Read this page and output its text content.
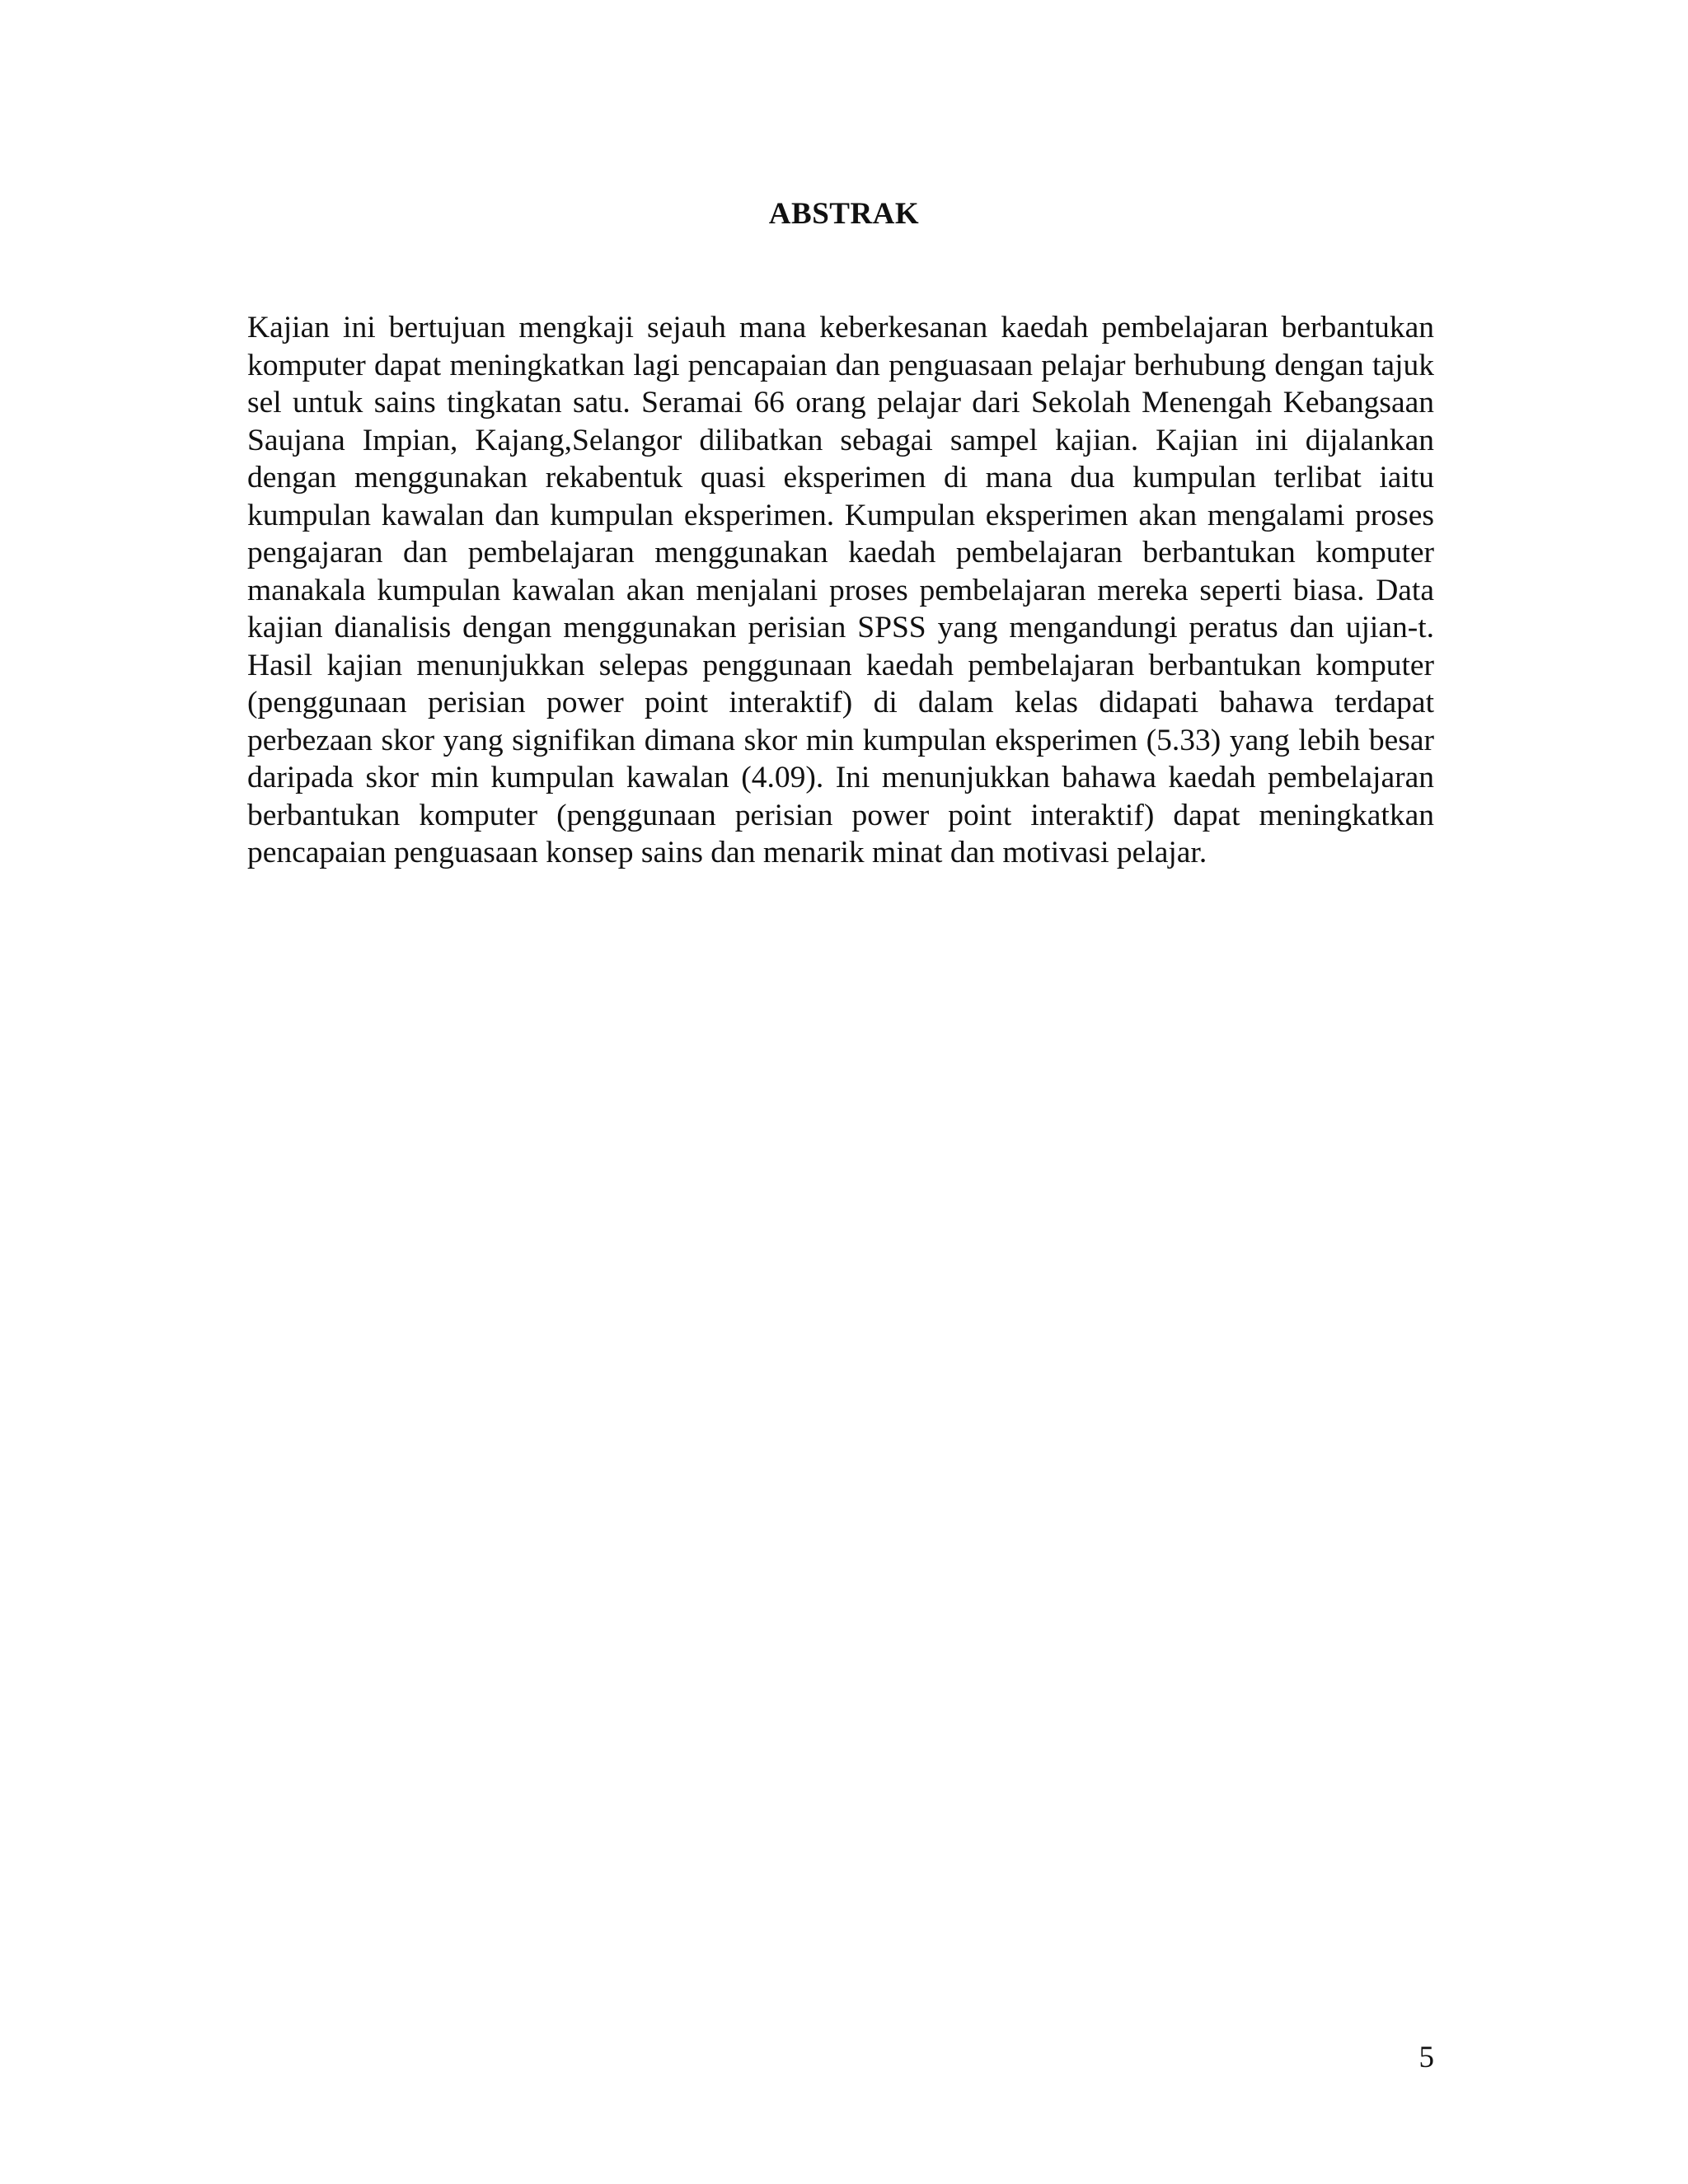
ABSTRAK

Kajian ini bertujuan mengkaji sejauh mana keberkesanan kaedah pembelajaran berbantukan komputer dapat meningkatkan lagi pencapaian dan penguasaan pelajar berhubung dengan tajuk sel untuk sains tingkatan satu. Seramai 66 orang pelajar dari Sekolah Menengah Kebangsaan Saujana Impian, Kajang,Selangor dilibatkan sebagai sampel kajian. Kajian ini dijalankan dengan menggunakan rekabentuk quasi eksperimen di mana dua kumpulan terlibat iaitu kumpulan kawalan dan kumpulan eksperimen. Kumpulan eksperimen akan mengalami proses pengajaran dan pembelajaran menggunakan kaedah pembelajaran berbantukan komputer manakala kumpulan kawalan akan menjalani proses pembelajaran mereka seperti biasa. Data kajian dianalisis dengan menggunakan perisian SPSS yang mengandungi peratus dan ujian-t. Hasil kajian menunjukkan selepas penggunaan kaedah pembelajaran berbantukan komputer (penggunaan perisian power point interaktif) di dalam kelas didapati bahawa terdapat perbezaan skor yang signifikan dimana skor min kumpulan eksperimen (5.33) yang lebih besar daripada skor min kumpulan kawalan (4.09). Ini menunjukkan bahawa kaedah pembelajaran berbantukan komputer (penggunaan perisian power point interaktif) dapat meningkatkan pencapaian penguasaan konsep sains dan menarik minat dan motivasi pelajar.

5
